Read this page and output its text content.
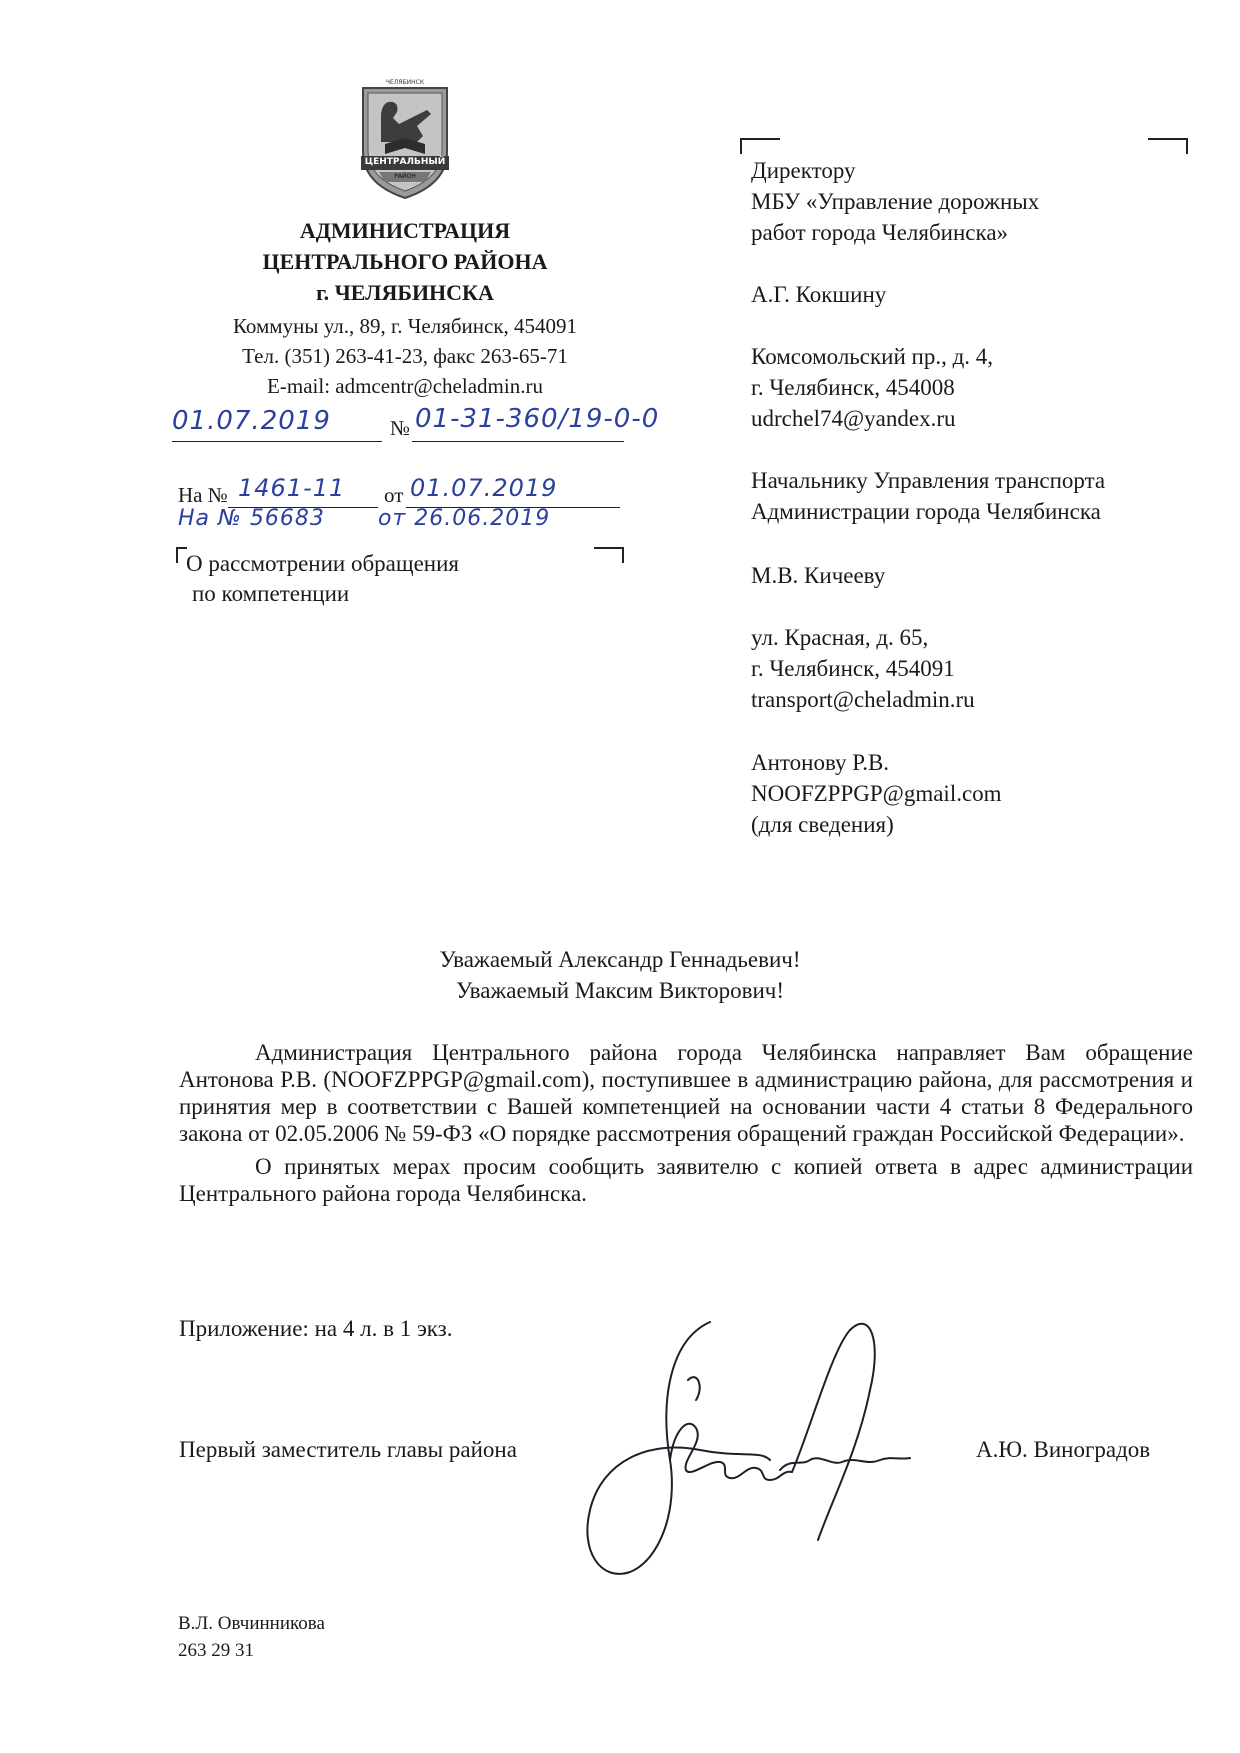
ЧЕЛЯБИНСК
ЦЕНТРАЛЬНЫЙ
РАЙОН
АДМИНИСТРАЦИЯ
ЦЕНТРАЛЬНОГО РАЙОНА
г. ЧЕЛЯБИНСКА
Коммуны ул., 89, г. Челябинск, 454091
Тел. (351) 263-41-23, факс 263-65-71
E-mail: admcentr@cheladmin.ru
01.07.2019	№ 01-31-360/19-0-0
На № 1461-11 от 01.07.2019
На № 56683 от 26.06.2019
О рассмотрении обращения
по компетенции
Директору
МБУ «Управление дорожных
работ города Челябинска»
А.Г. Кокшину
Комсомольский пр., д. 4,
г. Челябинск, 454008
udrchel74@yandex.ru
Начальнику Управления транспорта
Администрации города Челябинска
М.В. Кичееву
ул. Красная, д. 65,
г. Челябинск, 454091
transport@cheladmin.ru
Антонову Р.В.
NOOFZPPGP@gmail.com
(для сведения)
Уважаемый Александр Геннадьевич!
Уважаемый Максим Викторович!

Администрация Центрального района города Челябинска направляет Вам обращение Антонова Р.В. (NOOFZPPGP@gmail.com), поступившее в администрацию района, для рассмотрения и принятия мер в соответствии с Вашей компетенцией на основании части 4 статьи 8 Федерального закона от 02.05.2006 № 59-ФЗ «О порядке рассмотрения обращений граждан Российской Федерации».

О принятых мерах просим сообщить заявителю с копией ответа в адрес администрации Центрального района города Челябинска.

Приложение: на 4 л. в 1 экз.
Первый заместитель главы района	А.Ю. Виноградов
В.Л. Овчинникова
263 29 31
